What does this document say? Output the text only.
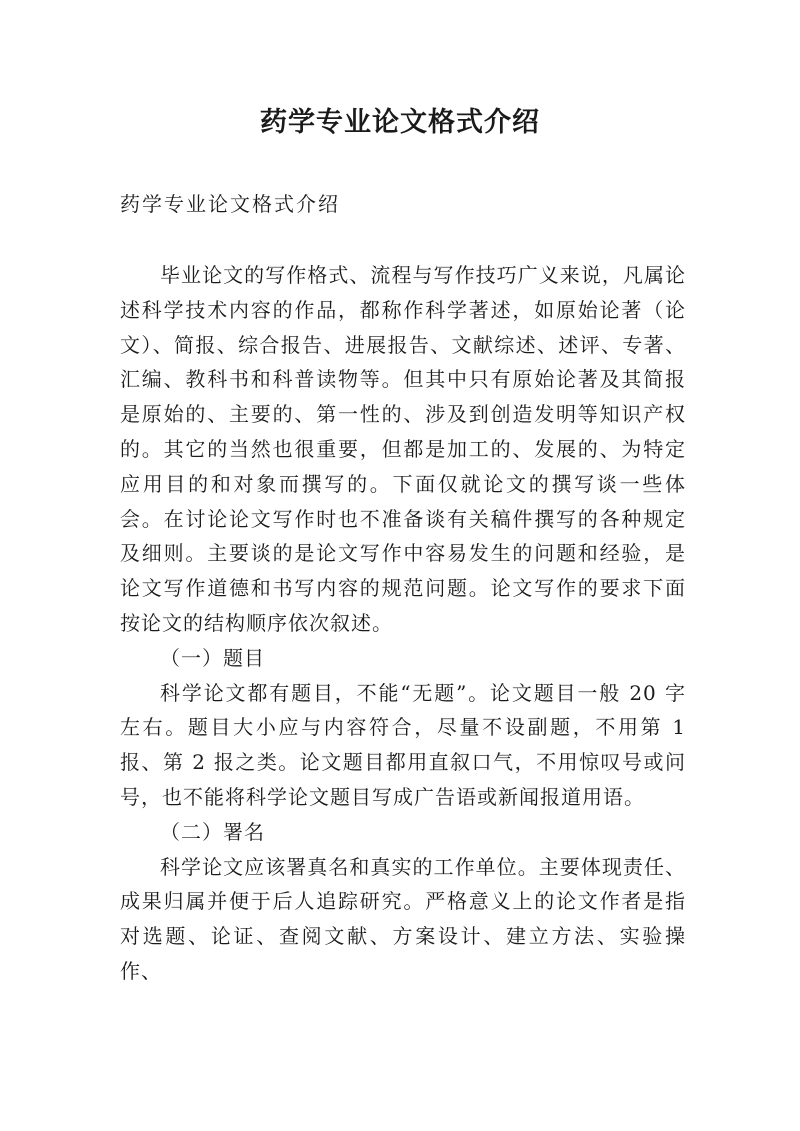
药学专业论文格式介绍

药学专业论文格式介绍

毕业论文的写作格式、流程与写作技巧广义来说，凡属论述科学技术内容的作品，都称作科学著述，如原始论著（论文）、简报、综合报告、进展报告、文献综述、述评、专著、汇编、教科书和科普读物等。但其中只有原始论著及其简报是原始的、主要的、第一性的、涉及到创造发明等知识产权的。其它的当然也很重要，但都是加工的、发展的、为特定应用目的和对象而撰写的。下面仅就论文的撰写谈一些体会。在讨论论文写作时也不准备谈有关稿件撰写的各种规定及细则。主要谈的是论文写作中容易发生的问题和经验，是论文写作道德和书写内容的规范问题。论文写作的要求下面按论文的结构顺序依次叙述。

（一）题目

科学论文都有题目，不能“无题”。论文题目一般 20 字左右。题目大小应与内容符合，尽量不设副题，不用第 1 报、第 2 报之类。论文题目都用直叙口气，不用惊叹号或问号，也不能将科学论文题目写成广告语或新闻报道用语。

（二）署名

科学论文应该署真名和真实的工作单位。主要体现责任、成果归属并便于后人追踪研究。严格意义上的论文作者是指对选题、论证、查阅文献、方案设计、建立方法、实验操作、
